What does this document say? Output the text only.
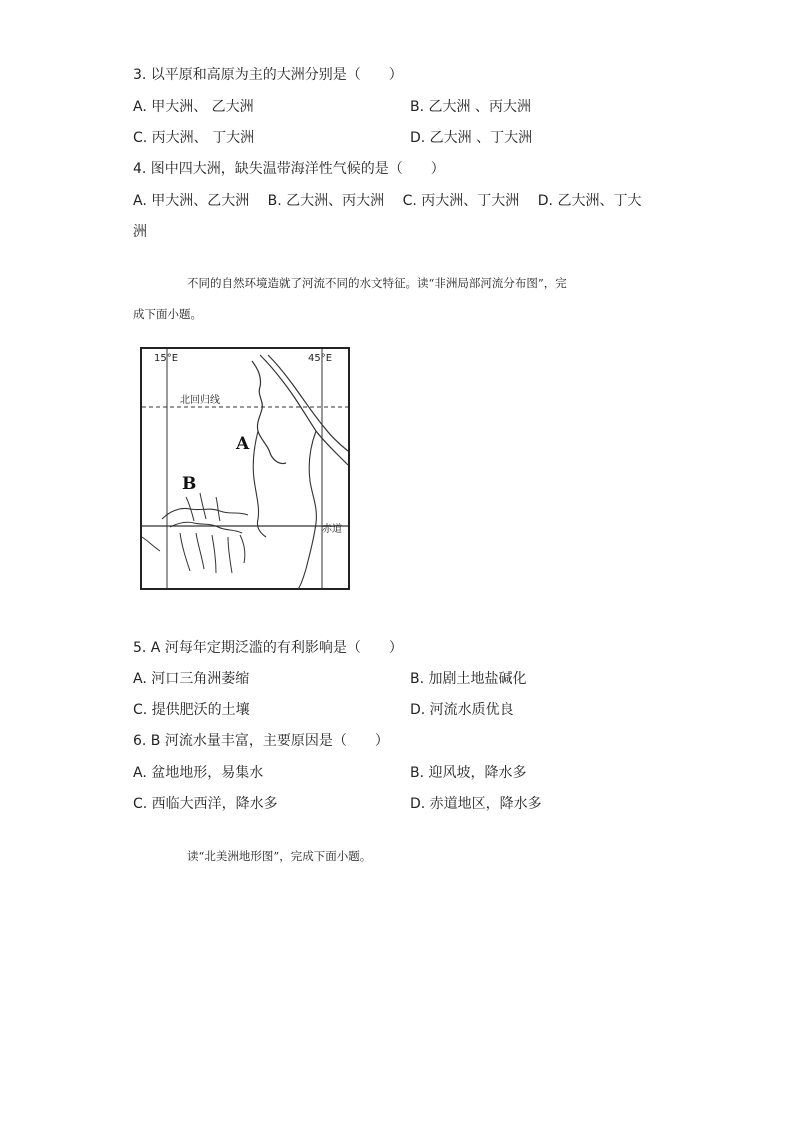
3. 以平原和高原为主的大洲分别是（　　）
A. 甲大洲、 乙大洲	B. 乙大洲 、丙大洲
C. 丙大洲、 丁大洲	D. 乙大洲 、丁大洲
4. 图中四大洲，缺失温带海洋性气候的是（　　）
A. 甲大洲、乙大洲　 B. 乙大洲、丙大洲　 C. 丙大洲、丁大洲　 D. 乙大洲、丁大
洲
不同的自然环境造就了河流不同的水文特征。读“非洲局部河流分布图”，完
成下面小题。
15°E	45°E
北回归线
赤道
A
B
5. A 河每年定期泛滥的有利影响是（　　）
A. 河口三角洲萎缩	B. 加剧土地盐碱化
C. 提供肥沃的土壤	D. 河流水质优良
6. B 河流水量丰富，主要原因是（　　）
A. 盆地地形，易集水	B. 迎风坡，降水多
C. 西临大西洋，降水多	D. 赤道地区，降水多
读“北美洲地形图”，完成下面小题。
